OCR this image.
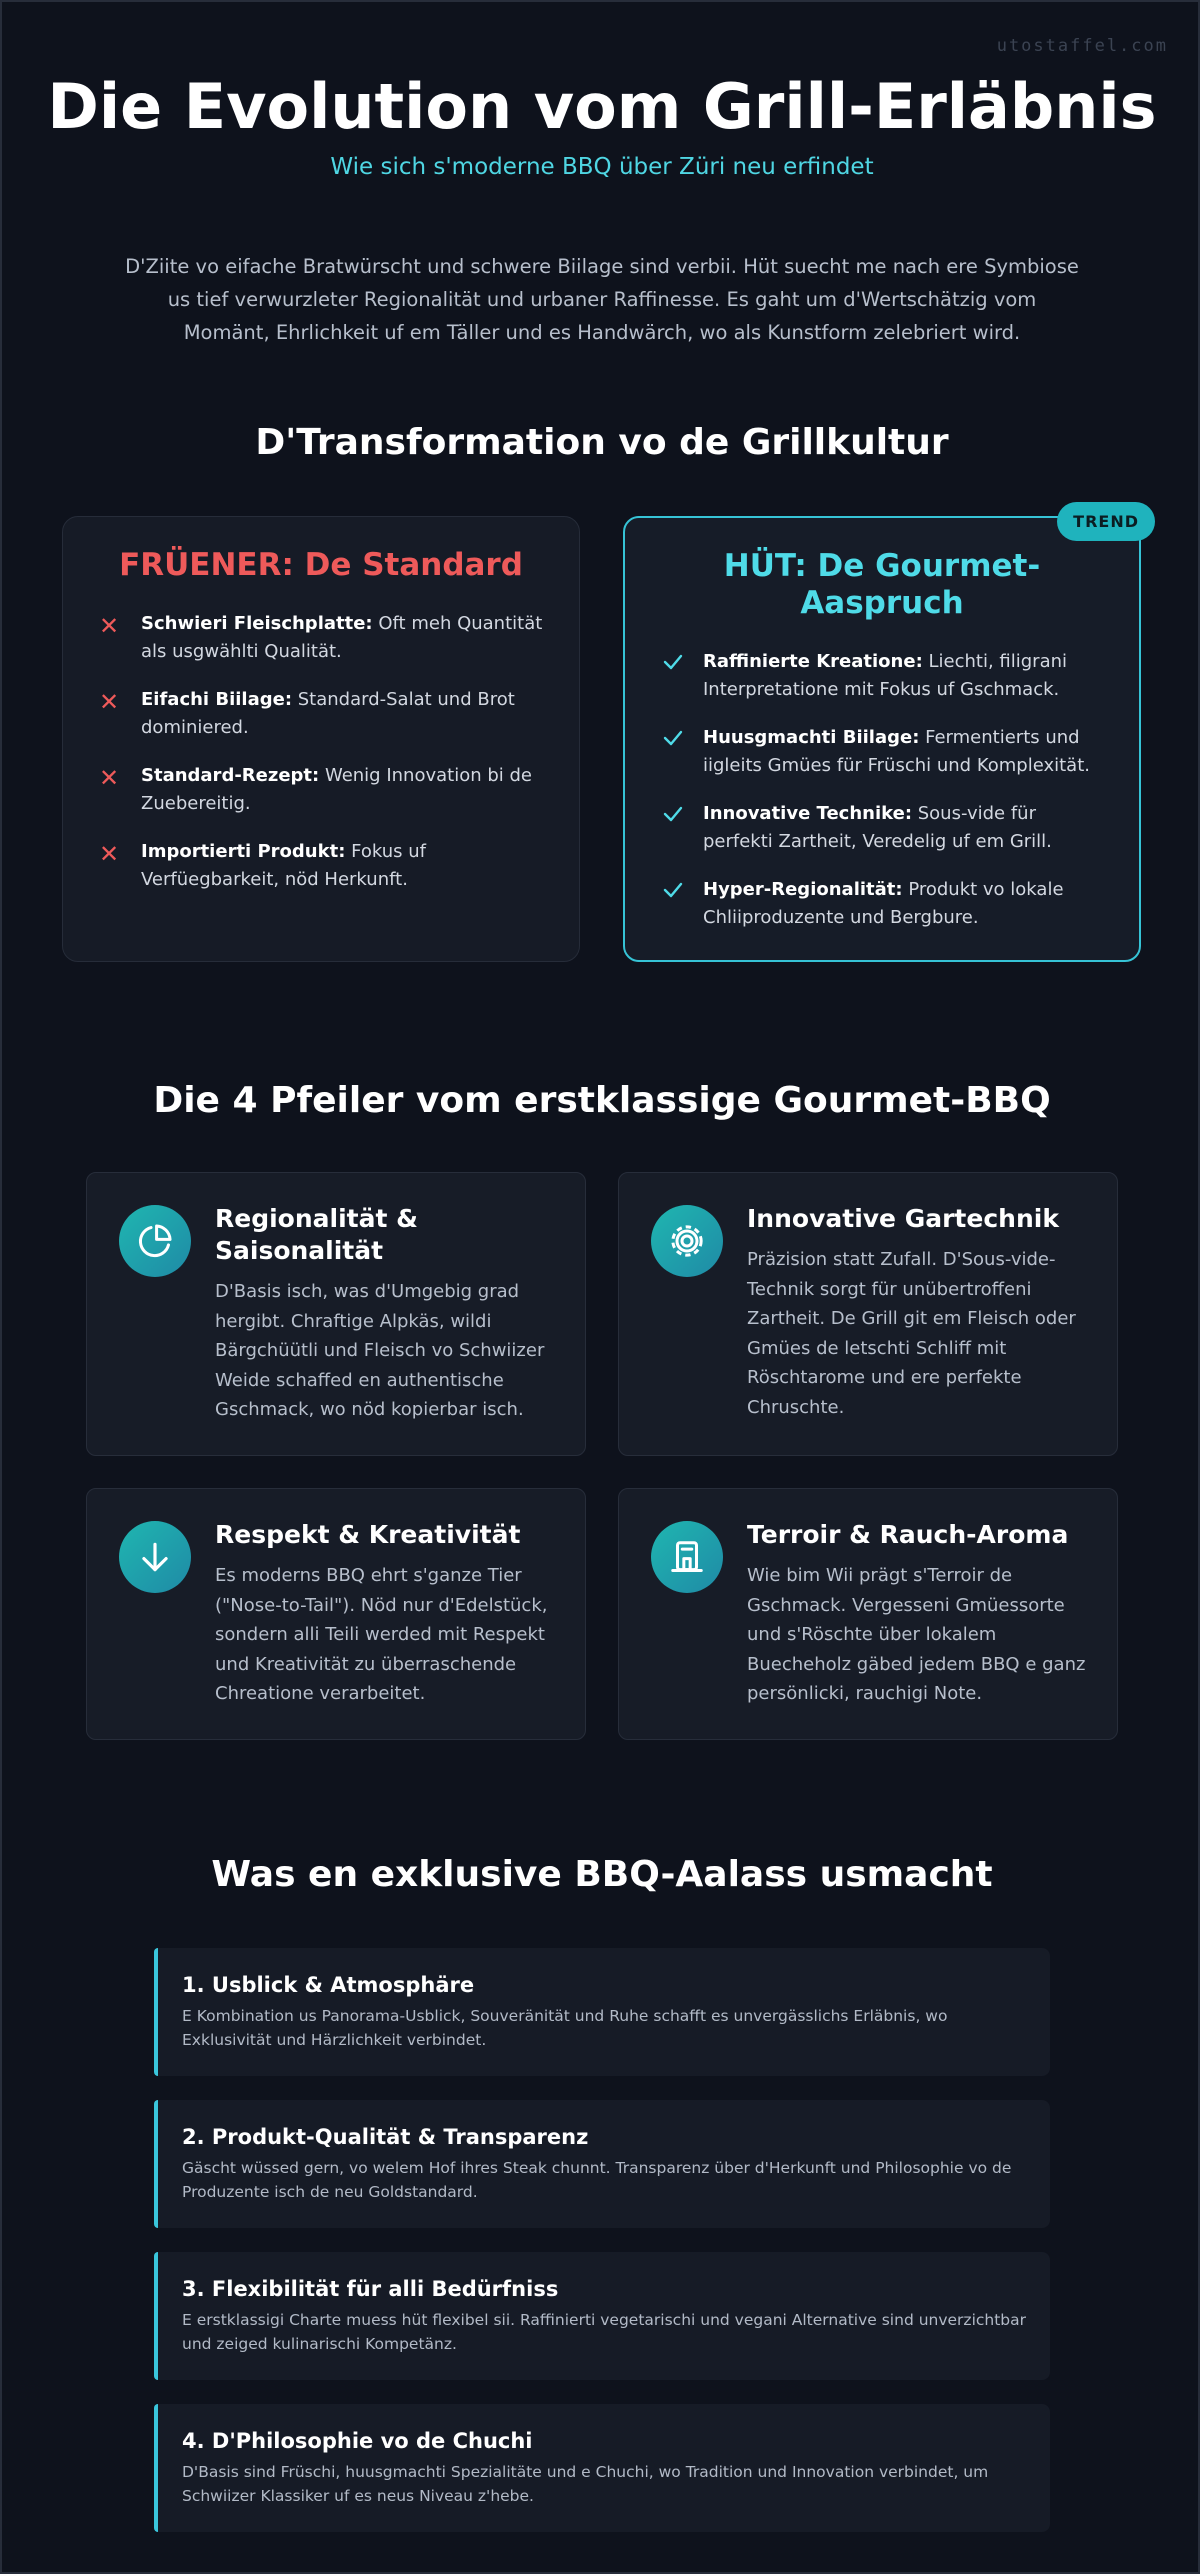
utostaffel.com
Die Evolution vom Grill-Erläbnis
Wie sich s'moderne BBQ über Züri neu erfindet
D'Ziite vo eifache Bratwürscht und schwere Biilage sind verbii. Hüt suecht me nach ere Symbiose us tief verwurzleter Regionalität und urbaner Raffinesse. Es gaht um d'Wertschätzig vom Momänt, Ehrlichkeit uf em Täller und es Handwärch, wo als Kunstform zelebriert wird.
D'Transformation vo de Grillkultur
FRÜENER: De Standard
✕	Schwieri Fleischplatte: Oft meh Quantität als usgwählti Qualität.
✕	Eifachi Biilage: Standard-Salat und Brot dominiered.
✕	Standard-Rezept: Wenig Innovation bi de Zuebereitig.
✕	Importierti Produkt: Fokus uf Verfüegbarkeit, nöd Herkunft.
TREND
HÜT: De Gourmet-Aaspruch
Raffinierte Kreatione: Liechti, filigrani Interpretatione mit Fokus uf Gschmack.
Huusgmachti Biilage: Fermentierts und iigleits Gmües für Früschi und Komplexität.
Innovative Technike: Sous-vide für perfekti Zartheit, Veredelig uf em Grill.
Hyper-Regionalität: Produkt vo lokale Chliiproduzente und Bergbure.
Die 4 Pfeiler vom erstklassige Gourmet-BBQ
Regionalität & Saisonalität

D'Basis isch, was d'Umgebig grad hergibt. Chraftige Alpkäs, wildi Bärgchüütli und Fleisch vo Schwiizer Weide schaffed en authentische Gschmack, wo nöd kopierbar isch.

Innovative Gartechnik

Präzision statt Zufall. D'Sous-vide-Technik sorgt für unübertroffeni Zartheit. De Grill git em Fleisch oder Gmües de letschti Schliff mit Röschtarome und ere perfekte Chruschte.

Respekt & Kreativität

Es moderns BBQ ehrt s'ganze Tier ("Nose-to-Tail"). Nöd nur d'Edelstück, sondern alli Teili werded mit Respekt und Kreativität zu überraschende Chreatione verarbeitet.

Terroir & Rauch-Aroma

Wie bim Wii prägt s'Terroir de Gschmack. Vergesseni Gmüessorte und s'Röschte über lokalem Buecheholz gäbed jedem BBQ e ganz persönlicki, rauchigi Note.

Was en exklusive BBQ-Aalass usmacht
1. Usblick & Atmosphäre

E Kombination us Panorama-Usblick, Souveränität und Ruhe schafft es unvergässlichs Erläbnis, wo Exklusivität und Härzlichkeit verbindet.

2. Produkt-Qualität & Transparenz

Gäscht wüssed gern, vo welem Hof ihres Steak chunnt. Transparenz über d'Herkunft und Philosophie vo de Produzente isch de neu Goldstandard.

3. Flexibilität für alli Bedürfniss

E erstklassigi Charte muess hüt flexibel sii. Raffinierti vegetarischi und vegani Alternative sind unverzichtbar und zeiged kulinarischi Kompetänz.

4. D'Philosophie vo de Chuchi

D'Basis sind Früschi, huusgmachti Spezialitäte und e Chuchi, wo Tradition und Innovation verbindet, um Schwiizer Klassiker uf es neus Niveau z'hebe.
